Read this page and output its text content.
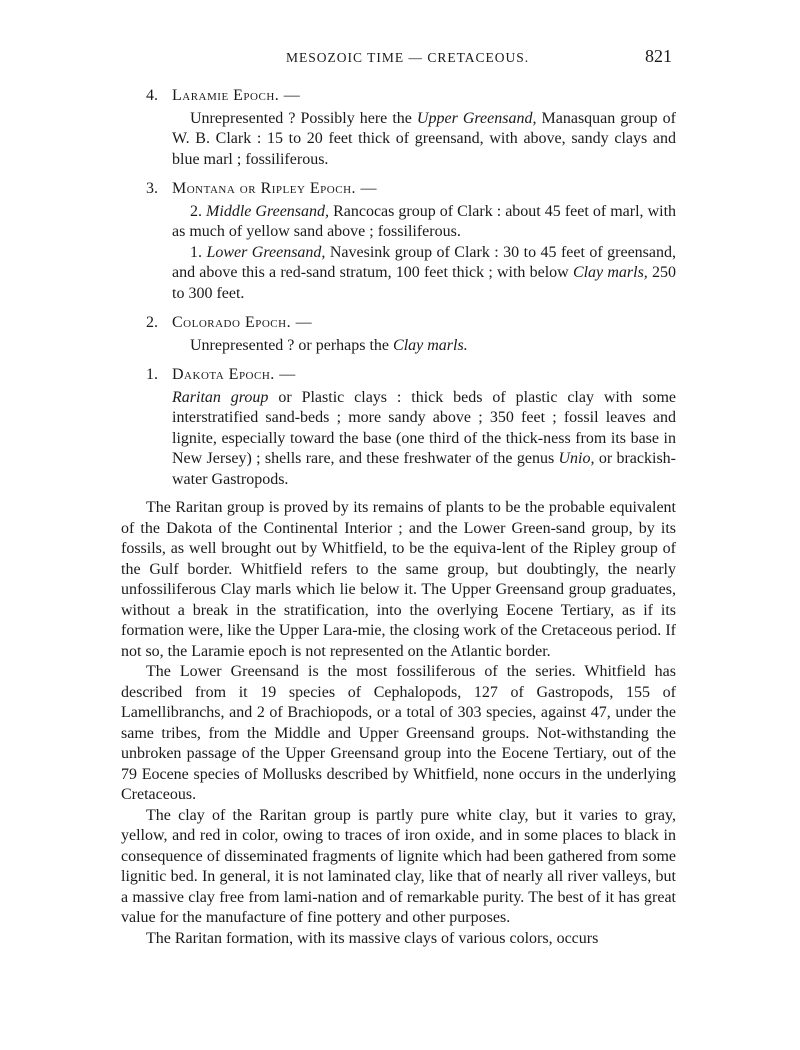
MESOZOIC TIME — CRETACEOUS.	821
4. Laramie Epoch. —

Unrepresented ? Possibly here the Upper Greensand, Manasquan group of W. B. Clark : 15 to 20 feet thick of greensand, with above, sandy clays and blue marl ; fossiliferous.

3. Montana or Ripley Epoch. —

2. Middle Greensand, Rancocas group of Clark : about 45 feet of marl, with as much of yellow sand above ; fossiliferous.

1. Lower Greensand, Navesink group of Clark : 30 to 45 feet of greensand, and above this a red-sand stratum, 100 feet thick ; with below Clay marls, 250 to 300 feet.

2. Colorado Epoch. —

Unrepresented ? or perhaps the Clay marls.

1. Dakota Epoch. —

Raritan group or Plastic clays : thick beds of plastic clay with some interstratified sand-beds ; more sandy above ; 350 feet ; fossil leaves and lignite, especially toward the base (one third of the thick-ness from its base in New Jersey) ; shells rare, and these freshwater of the genus Unio, or brackish-water Gastropods.

The Raritan group is proved by its remains of plants to be the probable equivalent of the Dakota of the Continental Interior ; and the Lower Green-sand group, by its fossils, as well brought out by Whitfield, to be the equiva-lent of the Ripley group of the Gulf border. Whitfield refers to the same group, but doubtingly, the nearly unfossiliferous Clay marls which lie below it. The Upper Greensand group graduates, without a break in the stratification, into the overlying Eocene Tertiary, as if its formation were, like the Upper Lara-mie, the closing work of the Cretaceous period. If not so, the Laramie epoch is not represented on the Atlantic border.

The Lower Greensand is the most fossiliferous of the series. Whitfield has described from it 19 species of Cephalopods, 127 of Gastropods, 155 of Lamellibranchs, and 2 of Brachiopods, or a total of 303 species, against 47, under the same tribes, from the Middle and Upper Greensand groups. Not-withstanding the unbroken passage of the Upper Greensand group into the Eocene Tertiary, out of the 79 Eocene species of Mollusks described by Whitfield, none occurs in the underlying Cretaceous.

The clay of the Raritan group is partly pure white clay, but it varies to gray, yellow, and red in color, owing to traces of iron oxide, and in some places to black in consequence of disseminated fragments of lignite which had been gathered from some lignitic bed. In general, it is not laminated clay, like that of nearly all river valleys, but a massive clay free from lami-nation and of remarkable purity. The best of it has great value for the manufacture of fine pottery and other purposes.

The Raritan formation, with its massive clays of various colors, occurs
